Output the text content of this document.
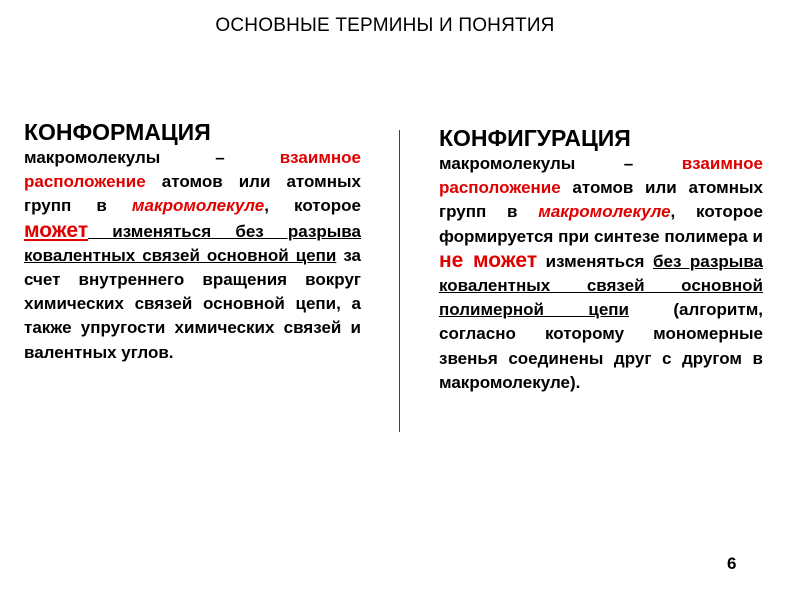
ОСНОВНЫЕ ТЕРМИНЫ И ПОНЯТИЯ
КОНФОРМАЦИЯ
макромолекулы – взаимное расположение атомов или атомных групп в макромолекуле, которое может изменяться без разрыва ковалентных связей основной цепи за счет внутреннего вращения вокруг химических связей основной цепи, а также упругости химических связей и валентных углов.
КОНФИГУРАЦИЯ
макромолекулы – взаимное расположение атомов или атомных групп в макромолекуле, которое формируется при синтезе полимера и не может изменяться без разрыва ковалентных связей основной полимерной цепи (алгоритм, согласно которому мономерные звенья соединены друг с другом в макромолекуле).
6
